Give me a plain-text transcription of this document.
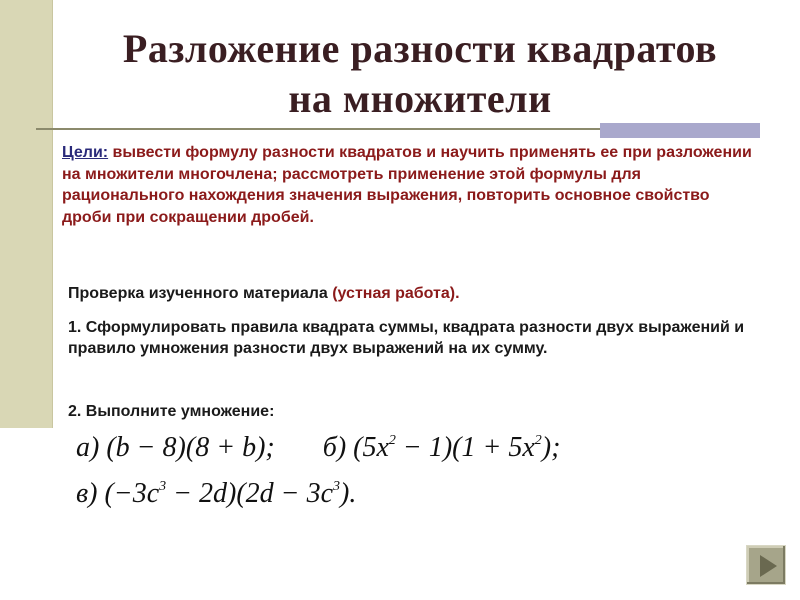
Разложение разности квадратов
на множители
Цели: вывести формулу разности квадратов и научить применять ее при разложении на множители многочлена; рассмотреть применение этой формулы для рационального нахождения значения выражения, повторить основное свойство дроби при сокращении дробей.
Проверка изученного материала (устная работа).
1. Сформулировать правила квадрата суммы, квадрата разности двух выражений и правило умножения разности двух выражений на их сумму.
2. Выполните умножение:
а) (b − 8)(8 + b); б) $(5x^2 - 1)(1 + 5x^2)$;
в) $(-3c^3 - 2d)(2d - 3c^3)$.
